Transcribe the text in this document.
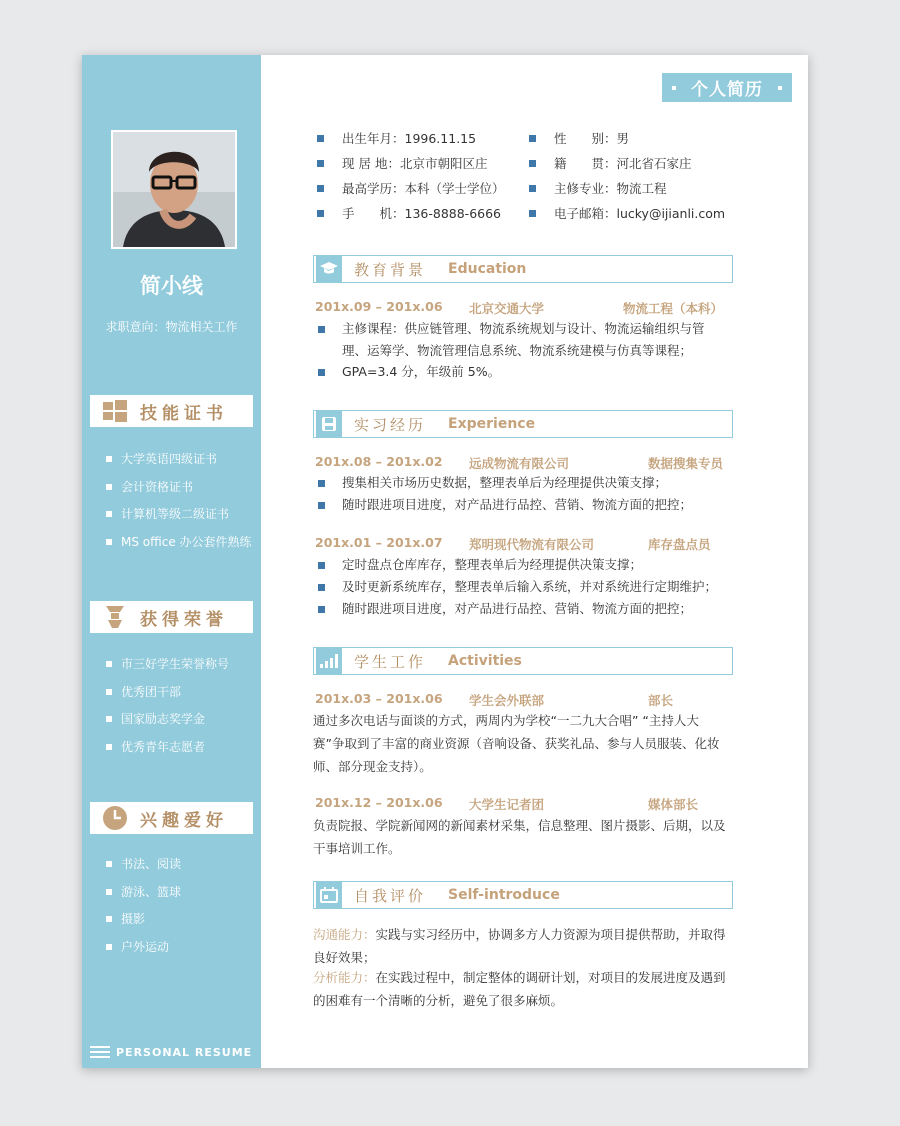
简小线
求职意向：物流相关工作
技能证书
大学英语四级证书
会计资格证书
计算机等级二级证书
MS office 办公套件熟练
获得荣誉
市三好学生荣誉称号
优秀团干部
国家励志奖学金
优秀青年志愿者
兴趣爱好
书法、阅读
游泳、篮球
摄影
户外运动
PERSONAL RESUME
个人简历
出生年月：1996.11.15	性　　别：男
现 居 地：北京市朝阳区庄	籍　　贯：河北省石家庄
最高学历：本科（学士学位）	主修专业：物流工程
手　　机：136-8888-6666	电子邮箱：lucky@ijianli.com
教育背景 Education
201x.09 – 201x.06 北京交通大学	物流工程（本科）
主修课程：供应链管理、物流系统规划与设计、物流运输组织与管理、运筹学、物流管理信息系统、物流系统建模与仿真等课程；
GPA=3.4 分，年级前 5%。
实习经历 Experience
201x.08 – 201x.02 远成物流有限公司	数据搜集专员
搜集相关市场历史数据，整理表单后为经理提供决策支撑；
随时跟进项目进度，对产品进行品控、营销、物流方面的把控；
201x.01 – 201x.07 郑明现代物流有限公司	库存盘点员
定时盘点仓库库存，整理表单后为经理提供决策支撑；
及时更新系统库存，整理表单后输入系统，并对系统进行定期维护；
随时跟进项目进度，对产品进行品控、营销、物流方面的把控；
学生工作 Activities
201x.03 – 201x.06 学生会外联部	部长
通过多次电话与面谈的方式，两周内为学校“一二九大合唱” “主持人大赛”争取到了丰富的商业资源（音响设备、获奖礼品、参与人员服装、化妆师、部分现金支持）。
201x.12 – 201x.06 大学生记者团	媒体部长
负责院报、学院新闻网的新闻素材采集，信息整理、图片摄影、后期，以及干事培训工作。
自我评价 Self-introduce
沟通能力：实践与实习经历中，协调多方人力资源为项目提供帮助，并取得良好效果；
分析能力：在实践过程中，制定整体的调研计划，对项目的发展进度及遇到的困难有一个清晰的分析，避免了很多麻烦。
